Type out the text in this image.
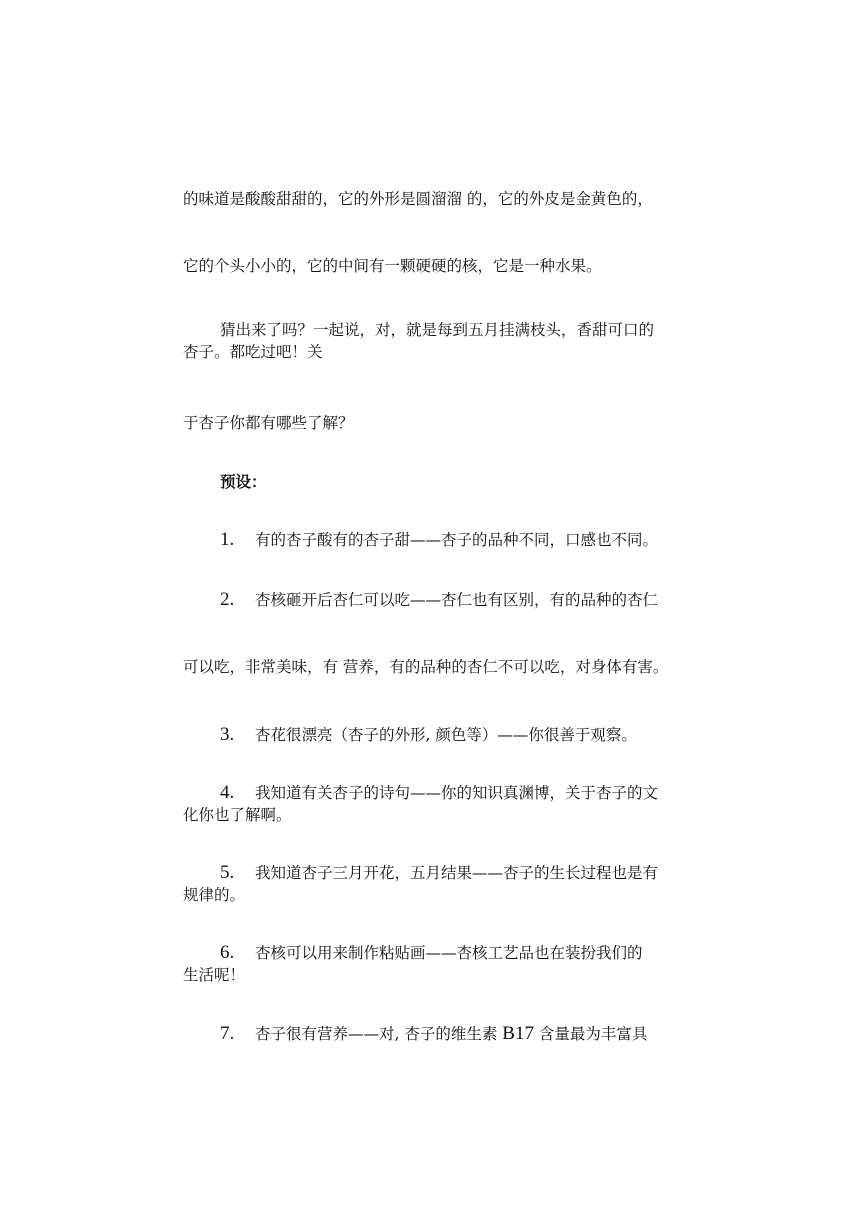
的味道是酸酸甜甜的，它的外形是圆溜溜 的，它的外皮是金黄色的，
它的个头小小的，它的中间有一颗硬硬的核，它是一种水果。
猜出来了吗？一起说，对，就是每到五月挂满枝头，香甜可口的
杏子。都吃过吧！关
于杏子你都有哪些了解？
预设：
1. 有的杏子酸有的杏子甜——杏子的品种不同，口感也不同。
2. 杏核砸开后杏仁可以吃——杏仁也有区别，有的品种的杏仁
可以吃，非常美味，有 营养，有的品种的杏仁不可以吃，对身体有害。
3. 杏花很漂亮（杏子的外形, 颜色等）——你很善于观察。
4. 我知道有关杏子的诗句——你的知识真渊博，关于杏子的文
化你也了解啊。
5. 我知道杏子三月开花，五月结果——杏子的生长过程也是有
规律的。
6. 杏核可以用来制作粘贴画——杏核工艺品也在装扮我们的
生活呢！
7. 杏子很有营养——对, 杏子的维生素 B17 含量最为丰富具
